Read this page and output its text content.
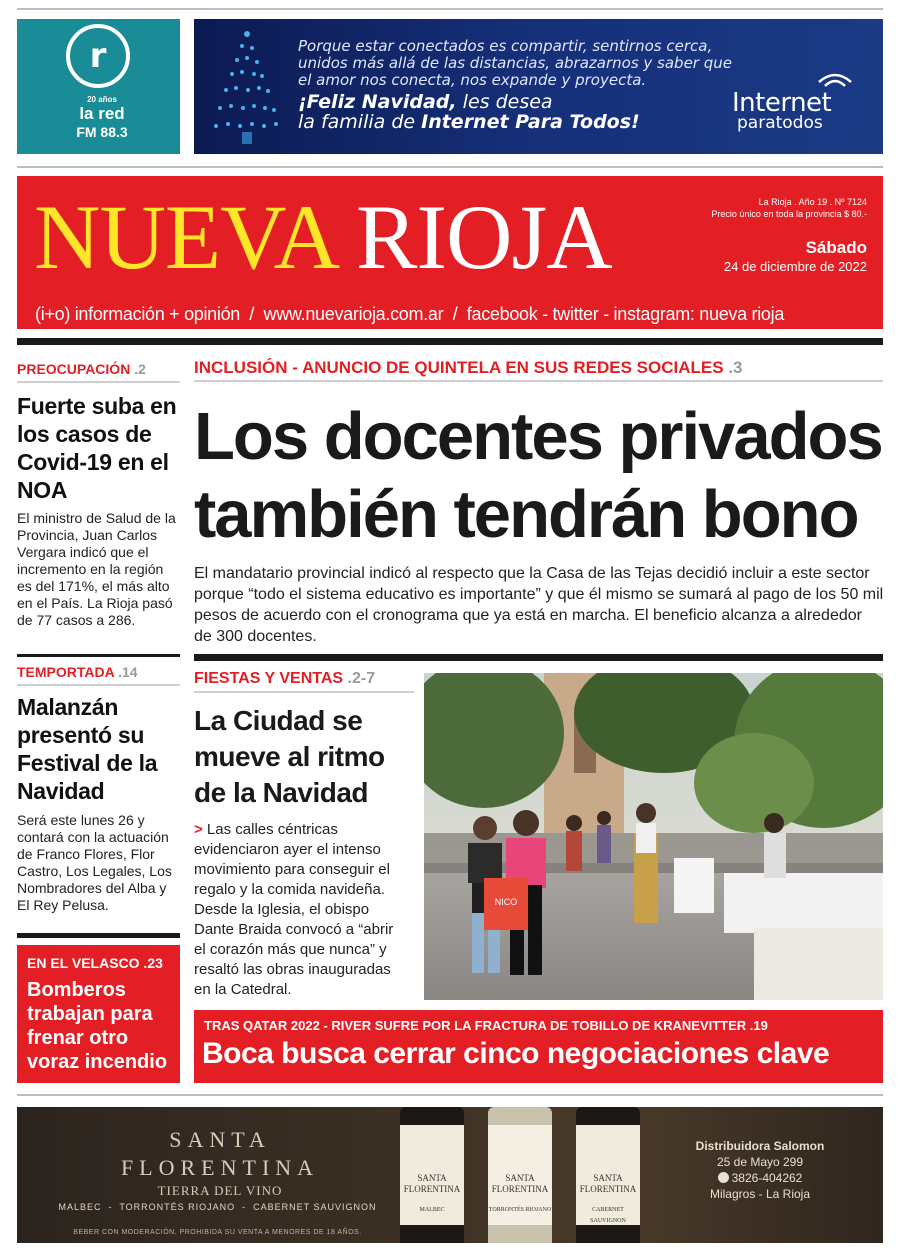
r
20 años
la red
FM 88.3
Porque estar conectados es compartir, sentirnos cerca, unidos más allá de las distancias, abrazarnos y saber que el amor nos conecta, nos expande y proyecta.
¡Feliz Navidad, les desea
la familia de Internet Para Todos!
Internet
paratodos
NUEVA RIOJA	La Rioja . Año 19 . Nº 7124
Precio único en toda la provincia $ 80.-
Sábado
24 de diciembre de 2022
(i+o) información + opinión  /  www.nuevarioja.com.ar  /  facebook - twitter - instagram: nueva rioja
PREOCUPACIÓN .2
Fuerte suba en los casos de Covid-19 en el NOA
El ministro de Salud de la Provincia, Juan Carlos Vergara indicó que el incremento en la región es del 171%, el más alto en el País. La Rioja pasó de 77 casos a 286.
TEMPORTADA .14
Malanzán presentó su Festival de la Navidad
Será este lunes 26 y contará con la actuación de Franco Flores, Flor Castro, Los Legales, Los Nombradores del Alba y El Rey Pelusa.
EN EL VELASCO .23
Bomberos trabajan para frenar otro voraz incendio
INCLUSIÓN - ANUNCIO DE QUINTELA EN SUS REDES SOCIALES .3
Los docentes privados
también tendrán bono
El mandatario provincial indicó al respecto que la Casa de las Tejas decidió incluir a este sector porque “todo el sistema educativo es importante” y que él mismo se sumará al pago de los 50 mil pesos de acuerdo con el cronograma que ya está en marcha. El beneficio alcanza a alrededor de 300 docentes.
FIESTAS Y VENTAS .2-7
La Ciudad se mueve al ritmo de la Navidad
> Las calles céntricas evidenciaron ayer el intenso movimiento para conseguir el regalo y la comida navideña. Desde la Iglesia, el obispo Dante Braida convocó a “abrir el corazón más que nunca” y resaltó las obras inauguradas en la Catedral.
NICO
TRAS QATAR 2022 - RIVER SUFRE POR LA FRACTURA DE TOBILLO DE KRANEVITTER .19
Boca busca cerrar cinco negociaciones clave
SANTA
FLORENTINA
TIERRA DEL VINO
MALBEC  -  TORRONTÉS RIOJANO  -  CABERNET SAUVIGNON
BEBER CON MODERACIÓN. PROHIBIDA SU VENTA A MENORES DE 18 AÑOS.
SANTA
FLORENTINA
MALBEC
SANTA
FLORENTINA
TORRONTÉS RIOJANO
SANTA
FLORENTINA
CABERNET SAUVIGNON
Distribuidora Salomon
25 de Mayo 299
3826-404262
Milagros - La Rioja
